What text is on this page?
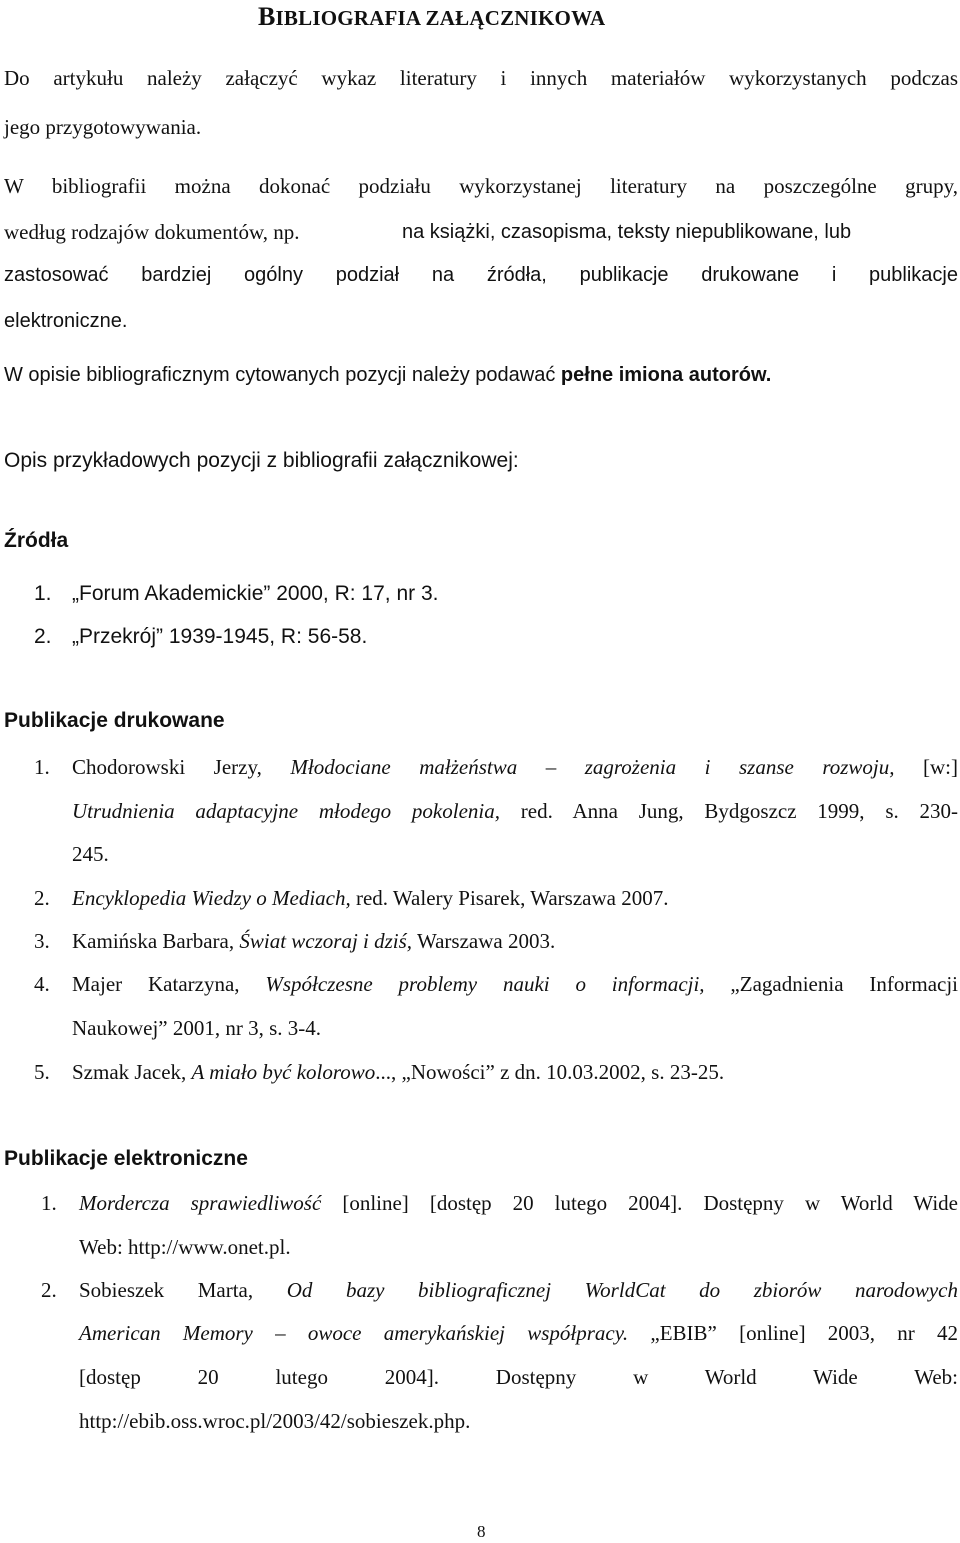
BIBLIOGRAFIA ZAŁĄCZNIKOWA
Do artykułu należy załączyć wykaz literatury i innych materiałów wykorzystanych podczas
jego przygotowywania.
W bibliografii można dokonać podziału wykorzystanej literatury na poszczególne grupy,
według rodzajów dokumentów, np.	na książki, czasopisma, teksty niepublikowane, lub
zastosować bardziej ogólny podział na źródła, publikacje drukowane i publikacje
elektroniczne.
W opisie bibliograficznym cytowanych pozycji należy podawać pełne imiona autorów.
Opis przykładowych pozycji z bibliografii załącznikowej:
Źródła
1. „Forum Akademickie” 2000, R: 17, nr 3.
2. „Przekrój” 1939-1945, R: 56-58.
Publikacje drukowane
1. Chodorowski Jerzy, Młodociane małżeństwa – zagrożenia i szanse rozwoju, [w:]
Utrudnienia adaptacyjne młodego pokolenia, red. Anna Jung, Bydgoszcz 1999, s. 230-
245.
2. Encyklopedia Wiedzy o Mediach, red. Walery Pisarek, Warszawa 2007.
3. Kamińska Barbara, Świat wczoraj i dziś, Warszawa 2003.
4. Majer Katarzyna, Współczesne problemy nauki o informacji, „Zagadnienia Informacji
Naukowej” 2001, nr 3, s. 3-4.
5. Szmak Jacek, A miało być kolorowo..., „Nowości” z dn. 10.03.2002, s. 23-25.
Publikacje elektroniczne
1. Mordercza sprawiedliwość [online] [dostęp 20 lutego 2004]. Dostępny w World Wide
Web: http://www.onet.pl.
2. Sobieszek Marta, Od bazy bibliograficznej WorldCat do zbiorów narodowych
American Memory – owoce amerykańskiej współpracy. „EBIB” [online] 2003, nr 42
[dostęp 20 lutego 2004]. Dostępny w World Wide Web:
http://ebib.oss.wroc.pl/2003/42/sobieszek.php.
8
